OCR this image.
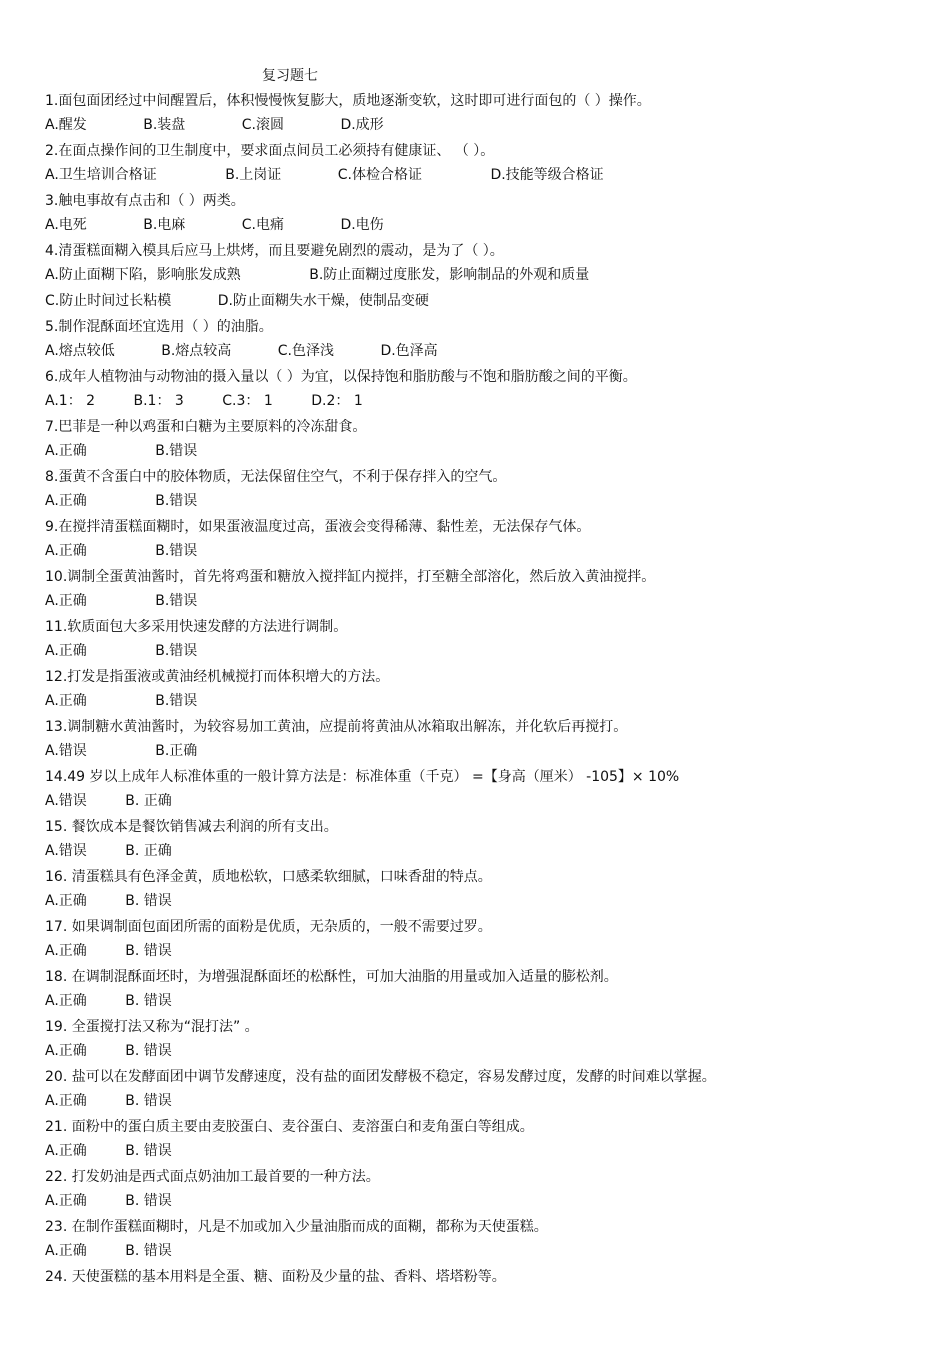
复习题七
1.面包面团经过中间醒置后，体积慢慢恢复膨大，质地逐渐变软，这时即可进行面包的（ ）操作。
A.醒发	B.装盘	C.滚圆	D.成形
2.在面点操作间的卫生制度中，要求面点间员工必须持有健康证、 （ ）。
A.卫生培训合格证	B.上岗证	C.体检合格证	D.技能等级合格证
3.触电事故有点击和（ ）两类。
A.电死	B.电麻	C.电痛	D.电伤
4.清蛋糕面糊入模具后应马上烘烤，而且要避免剧烈的震动，是为了（ ）。
A.防止面糊下陷，影响胀发成熟	B.防止面糊过度胀发，影响制品的外观和质量
C.防止时间过长粘模	D.防止面糊失水干燥，使制品变硬
5.制作混酥面坯宜选用（ ）的油脂。
A.熔点较低	B.熔点较高	C.色泽浅	D.色泽高
6.成年人植物油与动物油的摄入量以（ ）为宜，以保持饱和脂肪酸与不饱和脂肪酸之间的平衡。
A.1： 2	B.1： 3	C.3： 1	D.2： 1
7.巴菲是一种以鸡蛋和白糖为主要原料的冷冻甜食。
A.正确	B.错误
8.蛋黄不含蛋白中的胶体物质，无法保留住空气，不利于保存拌入的空气。
A.正确	B.错误
9.在搅拌清蛋糕面糊时，如果蛋液温度过高，蛋液会变得稀薄、黏性差，无法保存气体。
A.正确	B.错误
10.调制全蛋黄油酱时，首先将鸡蛋和糖放入搅拌缸内搅拌，打至糖全部溶化，然后放入黄油搅拌。
A.正确	B.错误
11.软质面包大多采用快速发酵的方法进行调制。
A.正确	B.错误
12.打发是指蛋液或黄油经机械搅打而体积增大的方法。
A.正确	B.错误
13.调制糖水黄油酱时，为较容易加工黄油，应提前将黄油从冰箱取出解冻，并化软后再搅打。
A.错误	B.正确
14.49 岁以上成年人标准体重的一般计算方法是：标准体重（千克） =【身高（厘米） -105】× 10%
A.错误	B. 正确
15. 餐饮成本是餐饮销售减去利润的所有支出。
A.错误	B. 正确
16. 清蛋糕具有色泽金黄，质地松软，口感柔软细腻，口味香甜的特点。
A.正确	B. 错误
17. 如果调制面包面团所需的面粉是优质，无杂质的，一般不需要过罗。
A.正确	B. 错误
18. 在调制混酥面坯时，为增强混酥面坯的松酥性，可加大油脂的用量或加入适量的膨松剂。
A.正确	B. 错误
19. 全蛋搅打法又称为“混打法” 。
A.正确	B. 错误
20. 盐可以在发酵面团中调节发酵速度，没有盐的面团发酵极不稳定，容易发酵过度，发酵的时间难以掌握。
A.正确	B. 错误
21. 面粉中的蛋白质主要由麦胶蛋白、麦谷蛋白、麦溶蛋白和麦角蛋白等组成。
A.正确	B. 错误
22. 打发奶油是西式面点奶油加工最首要的一种方法。
A.正确	B. 错误
23. 在制作蛋糕面糊时，凡是不加或加入少量油脂而成的面糊，都称为天使蛋糕。
A.正确	B. 错误
24. 天使蛋糕的基本用料是全蛋、糖、面粉及少量的盐、香料、塔塔粉等。
